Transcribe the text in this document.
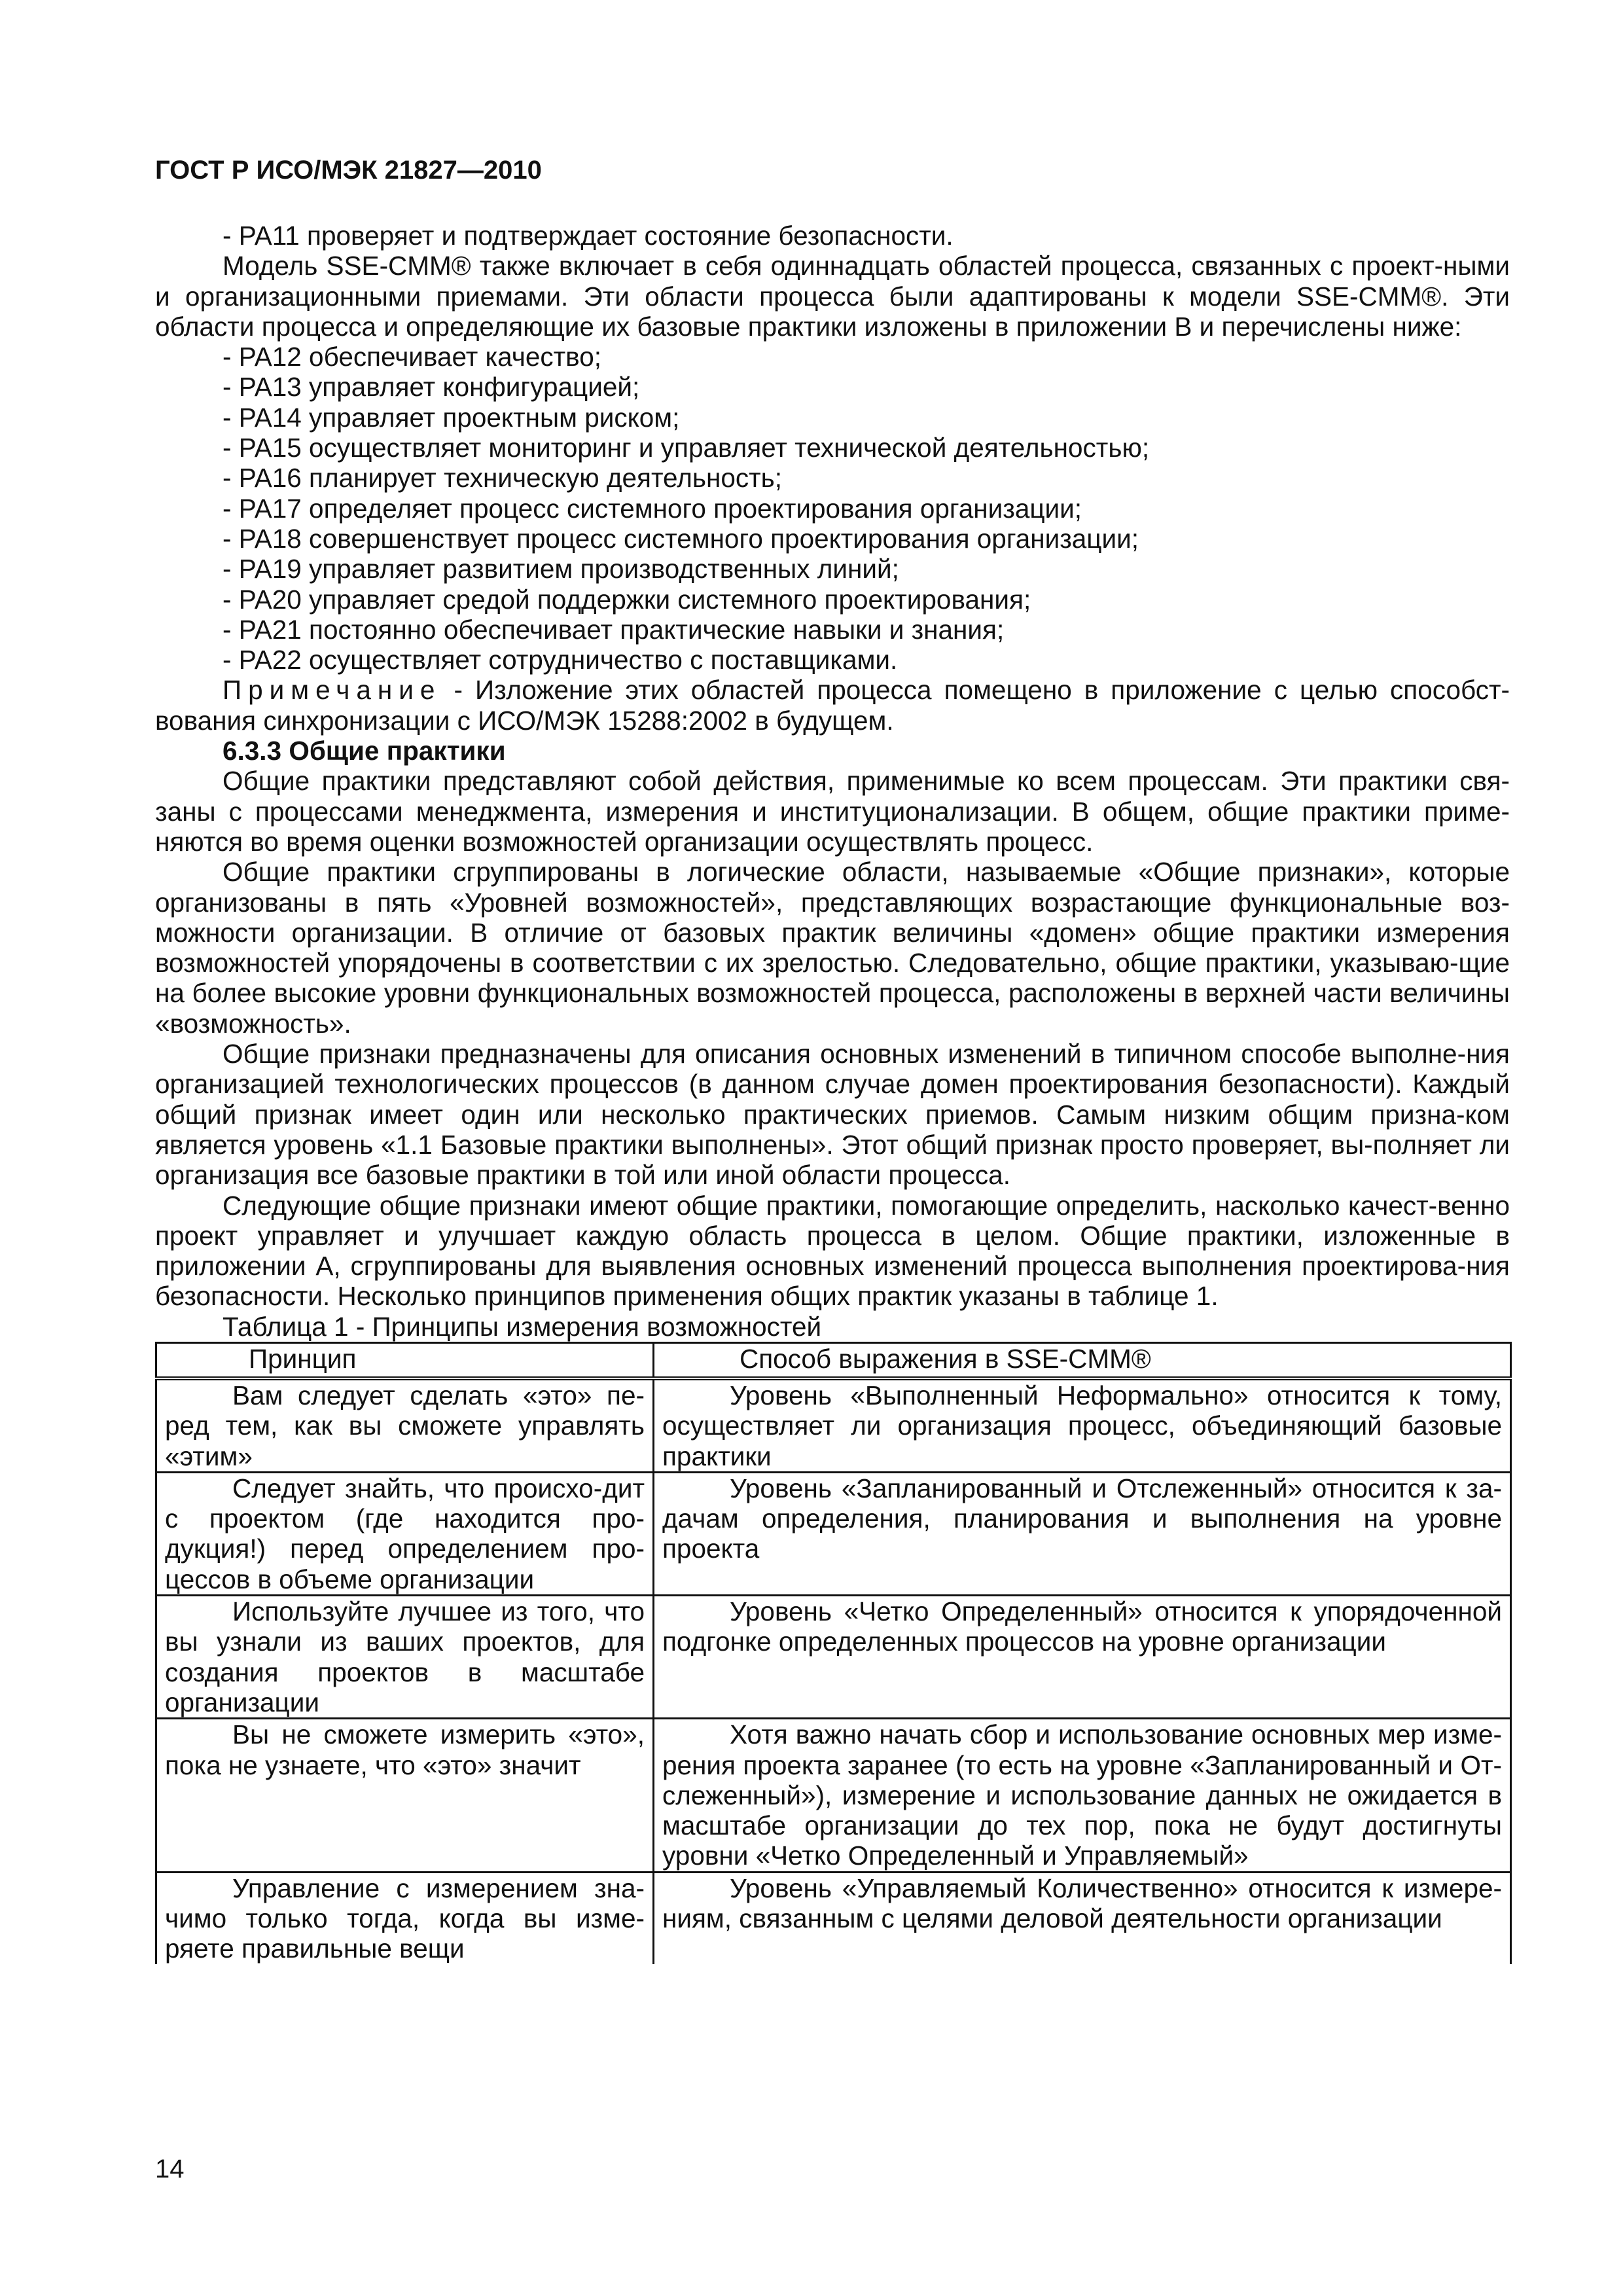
ГОСТ Р ИСО/МЭК 21827—2010

- PA11 проверяет и подтверждает состояние безопасности.

Модель SSE-CMM® также включает в себя одиннадцать областей процесса, связанных с проект-ными и организационными приемами. Эти области процесса были адаптированы к модели SSE-CMM®. Эти области процесса и определяющие их базовые практики изложены в приложении В и перечислены ниже:

- PA12 обеспечивает качество;

- PA13 управляет конфигурацией;

- PA14 управляет проектным риском;

- PA15 осуществляет мониторинг и управляет технической деятельностью;

- PA16 планирует техническую деятельность;

- PA17 определяет процесс системного проектирования организации;

- PA18 совершенствует процесс системного проектирования организации;

- PA19 управляет развитием производственных линий;

- PA20 управляет средой поддержки системного проектирования;

- PA21 постоянно обеспечивает практические навыки и знания;

- PA22 осуществляет сотрудничество с поставщиками.

Примечание - Изложение этих областей процесса помещено в приложение с целью способст-вования синхронизации с ИСО/МЭК 15288:2002 в будущем.

6.3.3 Общие практики

Общие практики представляют собой действия, применимые ко всем процессам. Эти практики свя-заны с процессами менеджмента, измерения и институционализации. В общем, общие практики приме-няются во время оценки возможностей организации осуществлять процесс.

Общие практики сгруппированы в логические области, называемые «Общие признаки», которые организованы в пять «Уровней возможностей», представляющих возрастающие функциональные воз-можности организации. В отличие от базовых практик величины «домен» общие практики измерения возможностей упорядочены в соответствии с их зрелостью. Следовательно, общие практики, указываю-щие на более высокие уровни функциональных возможностей процесса, расположены в верхней части величины «возможность».

Общие признаки предназначены для описания основных изменений в типичном способе выполне-ния организацией технологических процессов (в данном случае домен проектирования безопасности). Каждый общий признак имеет один или несколько практических приемов. Самым низким общим призна-ком является уровень «1.1 Базовые практики выполнены». Этот общий признак просто проверяет, вы-полняет ли организация все базовые практики в той или иной области процесса.

Следующие общие признаки имеют общие практики, помогающие определить, насколько качест-венно проект управляет и улучшает каждую область процесса в целом. Общие практики, изложенные в приложении А, сгруппированы для выявления основных изменений процесса выполнения проектирова-ния безопасности. Несколько принципов применения общих практик указаны в таблице 1.

Таблица 1 - Принципы измерения возможностей

Принцип	Способ выражения в SSE-CMM®

Вам следует сделать «это» пе-ред тем, как вы сможете управлять «этим»	Уровень «Выполненный Неформально» относится к тому, осуществляет ли организация процесс, объединяющий базовые практики

Следует знайть, что происхо-дит с проектом (где находится про-дукция!) перед определением про-цессов в объеме организации	Уровень «Запланированный и Отслеженный» относится к за-дачам определения, планирования и выполнения на уровне проекта

Используйте лучшее из того, что вы узнали из ваших проектов, для создания проектов в масштабе организации	Уровень «Четко Определенный» относится к упорядоченной подгонке определенных процессов на уровне организации

Вы не сможете измерить «это», пока не узнаете, что «это» значит	Хотя важно начать сбор и использование основных мер изме-рения проекта заранее (то есть на уровне «Запланированный и От-слеженный»), измерение и использование данных не ожидается в масштабе организации до тех пор, пока не будут достигнуты уровни «Четко Определенный и Управляемый»

Управление с измерением зна-чимо только тогда, когда вы изме-ряете правильные вещи	Уровень «Управляемый Количественно» относится к измере-ниям, связанным с целями деловой деятельности организации
14
